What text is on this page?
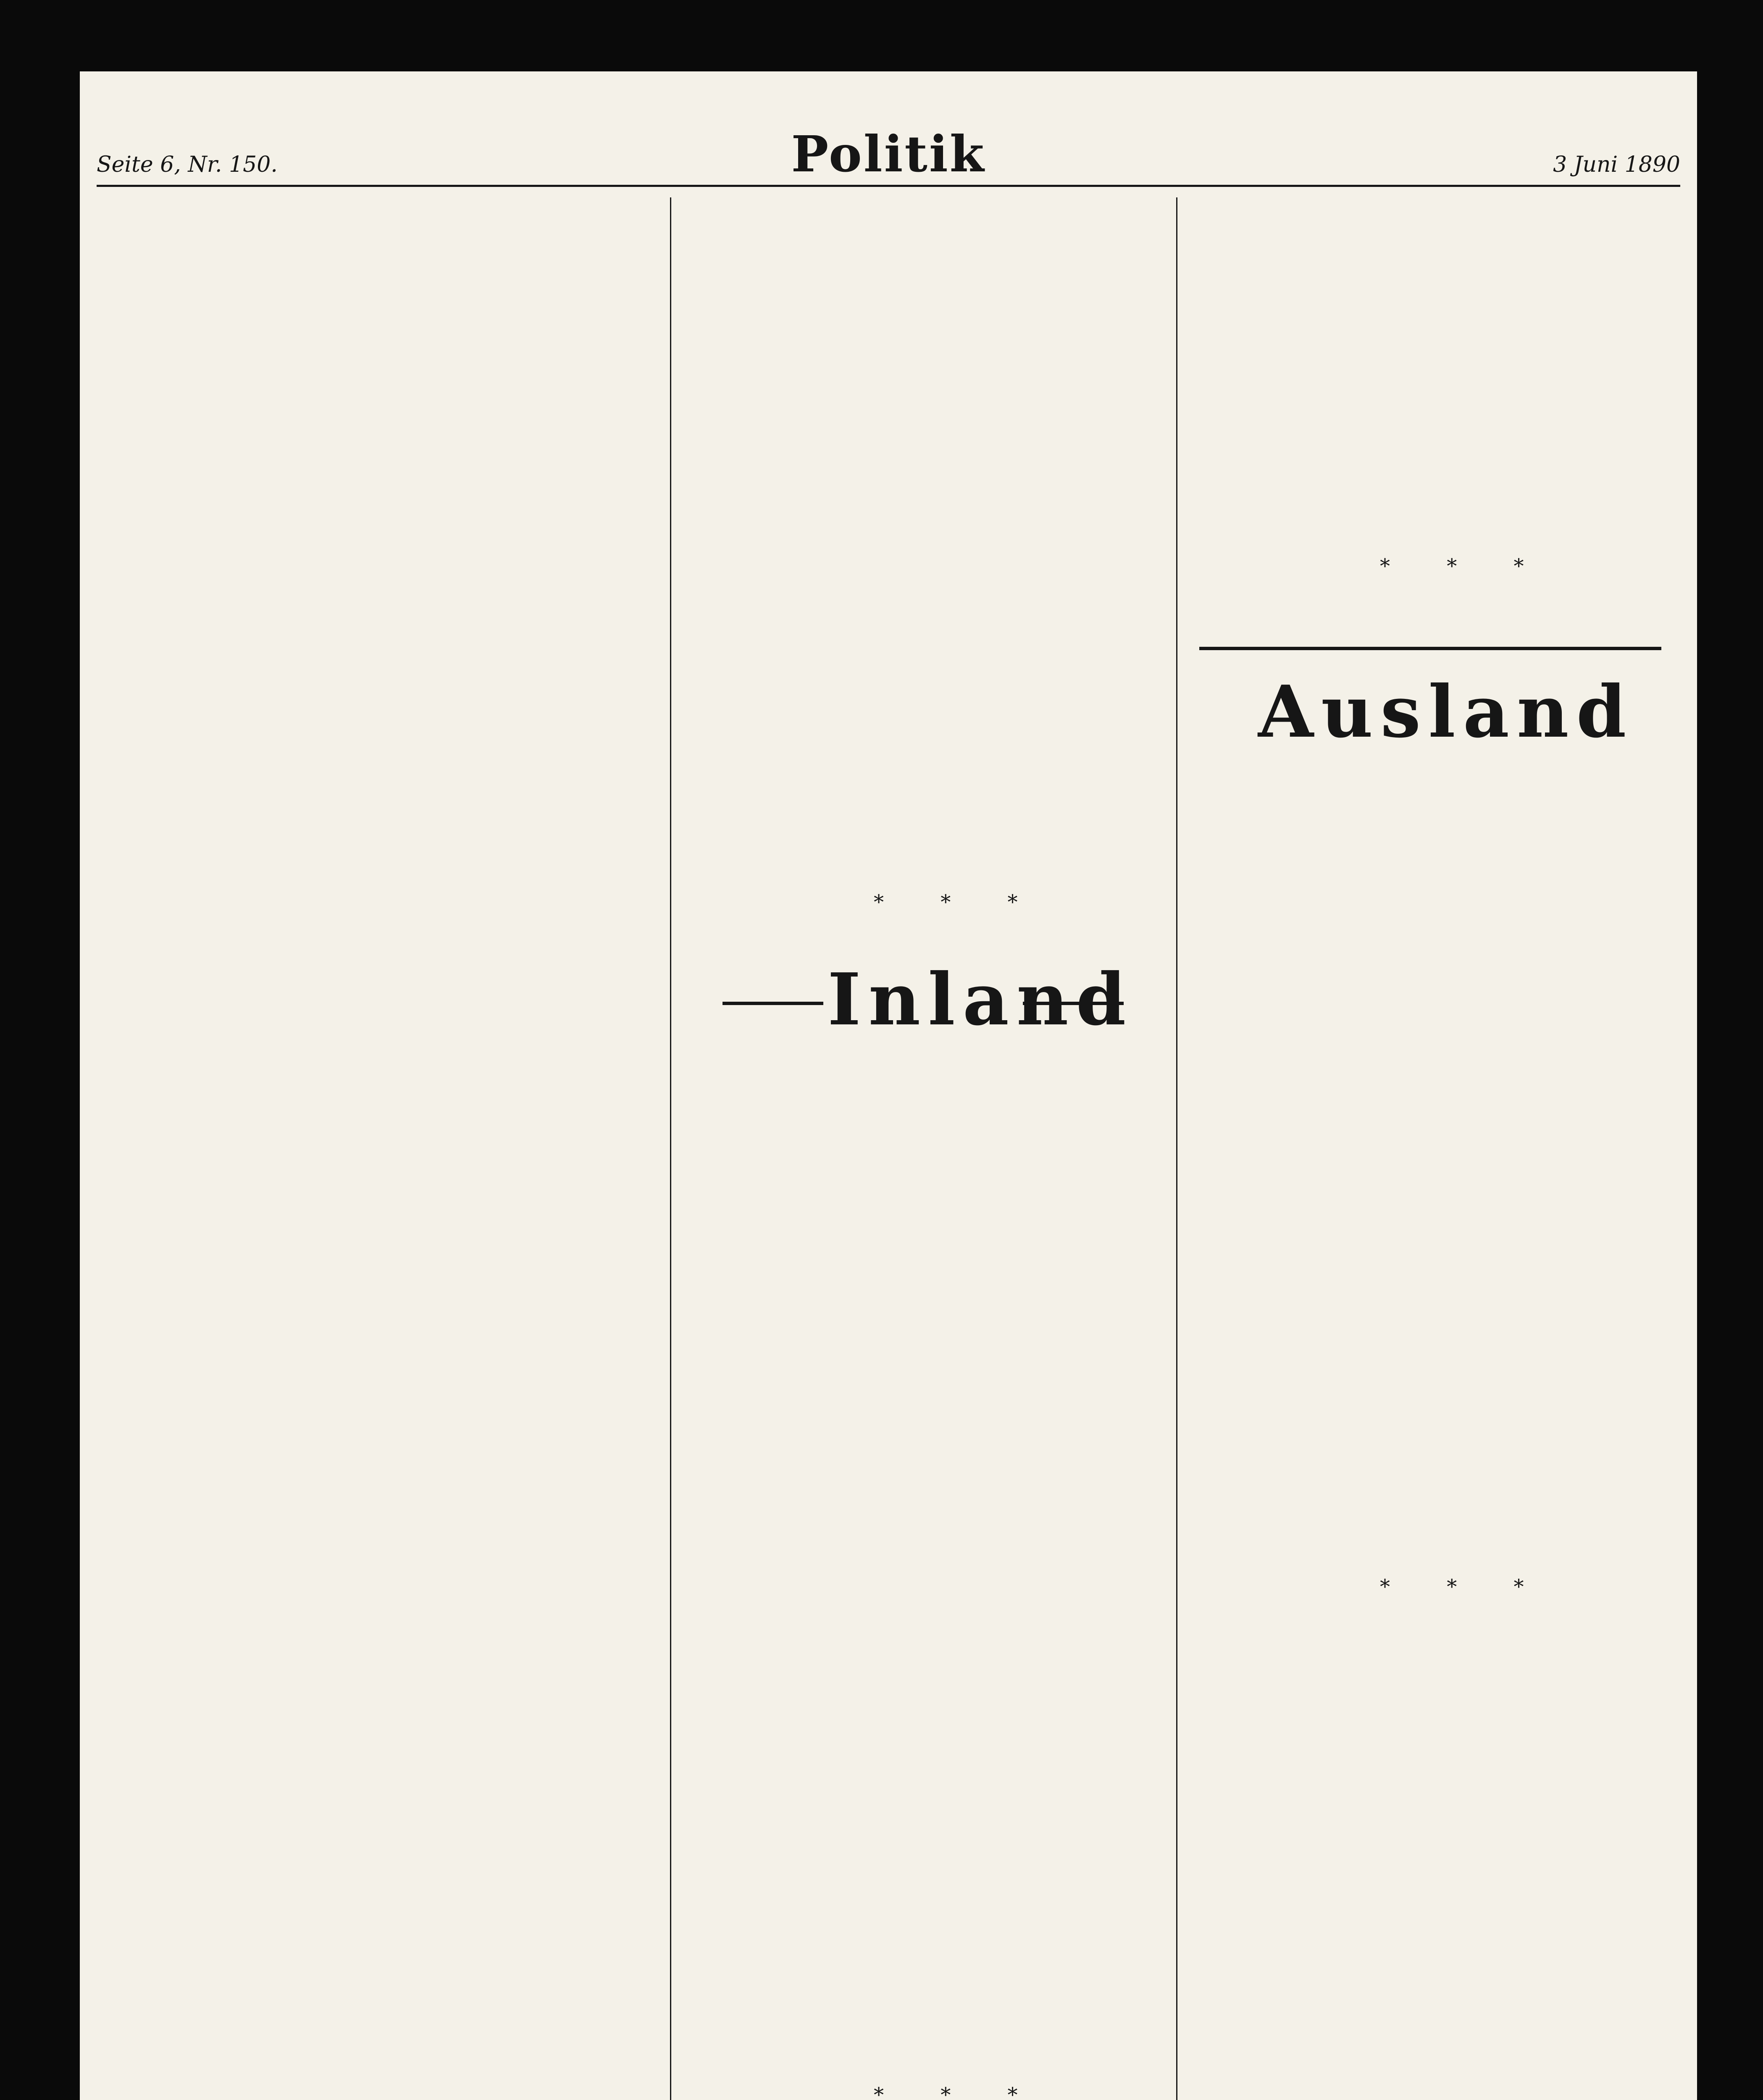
Seite 6, Nr. 150.	Politik	3 Juni 1890
* * *
Inland
* * *
* * *
Ausland
* * *
